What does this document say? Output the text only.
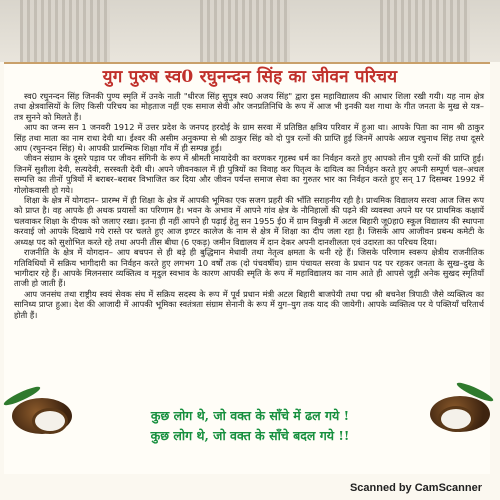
युग पुरुष स्व0 रघुनन्दन सिंह का जीवन परिचय

स्व0 रघुनन्दन सिंह जिनकी पुण्य स्मृति में उनके नाती "धीरज सिंह सुपुत्र स्व0 अजय सिंह" द्वारा इस महाविद्यालय की आधार शिला रखी गयी। यह नाम क्षेत्र तथा क्षेत्रवासियों के लिए किसी परिचय का मोहताज नहीं एक समाज सेवी और जनप्रतिनिधि के रूप में आज भी इनकी यश गाथा के गीत जनता के मुख से यत्र–तत्र सुनने को मिलते हैं।

आप का जन्म सन 1 जनवरी 1912 में उत्तर प्रदेश के जनपद हरदोई के ग्राम सरवा में प्रतिष्ठित क्षत्रिय परिवार में हुआ था। आपके पिता का नाम श्री ठाकुर सिंह तथा माता का नाम राधा देवी था। ईश्वर की असीम अनुकम्पा से श्री ठाकुर सिंह को दो पुत्र रत्नों की प्राप्ति हुई जिनमें आपके अग्रज रघुनाथ सिंह तथा दूसरे आप (रघुनन्दन सिंह) थे। आपकी प्रारम्भिक शिक्षा गाँव में ही सम्पन्न हुई।

जीवन संग्राम के दूसरे पड़ाव पर जीवन संगिनी के रूप में श्रीमती मायादेवी का वरणकर गृहस्थ धर्म का निर्वहन करते हुए आपको तीन पुत्री रत्नों की प्राप्ति हुई। जिनमें सुशीला देवी, सत्यदेवी, सरस्वती देवी थी। अपने जीवनकाल में ही पुत्रियों का विवाह कर पितृत्व के दायित्व का निर्वहन करते हुए अपनी सम्पूर्ण चल–अचल सम्पत्ति का तीनों पुत्रियों में बराबर–बराबर विभाजित कर दिया और जीवन पर्यन्त समाज सेवा का गुरुतर भार का निर्वहन करते हुए सन् 17 दिसम्बर 1992 में गोलोकवासी हो गये।

शिक्षा के क्षेत्र में योगदान– प्रारम्भ में ही शिक्षा के क्षेत्र में आपकी भूमिका एक सजग प्रहरी की भाँति सराहनीय रही है। प्राथमिक विद्यालय सरवा आज जिस रूप को प्राप्त है। वह आपके ही अथक प्रयासों का परिणाम है। भवन के अभाव में आपने गांव क्षेत्र के नौनिहालों की पढ़ने की व्यवस्था अपने घर पर प्राथमिक कक्षायें चलवाकर शिक्षा के दीपक को जलाए रखा। इतना ही नहीं आपने ही पढ़ाई हेतु सन 1955 ई0 में ग्राम विकुन्नी में अटल बिहारी जू0हा0 स्कूल विद्यालय की स्थापना करवाई जो आपके दिखाये गये रास्ते पर चलते हुए आज इण्टर कालेज के नाम से क्षेत्र में शिक्षा का दीप जला रहा है। जिसके आप आजीवन प्रबन्ध कमेटी के अध्यक्ष पद को सुशोभित करते रहे तथा अपनी तीस बीघा (6 एकड़) जमीन विद्यालय में दान देकर अपनी दानशीलता एवं उदारता का परिचय दिया।

राजनीति के क्षेत्र में योगदान– आप बचपन से ही बड़े ही बुद्धिमान मेधावी तथा नेतृत्व क्षमता के धनी रहे हैं। जिसके परिणाम स्वरूप क्षेत्रीय राजनीतिक गतिविधियों में सक्रिय भागीदारी का निर्वहन करते हुए लगभग 10 वर्षों तक (दो पंचवर्षीय) ग्राम पंचायत सरवा के प्रधान पद पर रहकर जनता के सुख–दुख के भागीदार रहे हैं। आपके मिलनसार व्यक्तित्व व मृदुल स्वभाव के कारण आपकी स्मृति के रूप में महाविद्यालय का नाम आते ही आपसे जुड़ी अनेक सुखद स्मृतियाँ ताजी हो जाती हैं।

आप जनसंघ तथा राष्ट्रीय स्वयं सेवक संघ में सक्रिय सदस्य के रूप में पूर्व प्रधान मंत्री अटल बिहारी बाजपेयी तथा पद्म श्री बचनेश त्रिपाठी जैसे व्यक्तित्व का सानिध्य प्राप्त हुआ। देश की आजादी में आपकी भूमिका स्वतंत्रता संग्राम सेनानी के रूप में युग–युग तक याद की जायेगी। आपके व्यक्तित्व पर ये पक्तियाँ चरितार्थ होती हैं।

कुछ लोग थे, जो वक्त के साँचे में ढल गये !
कुछ लोग थे, जो वक्त के साँचे बदल गये !!
Scanned by CamScanner
